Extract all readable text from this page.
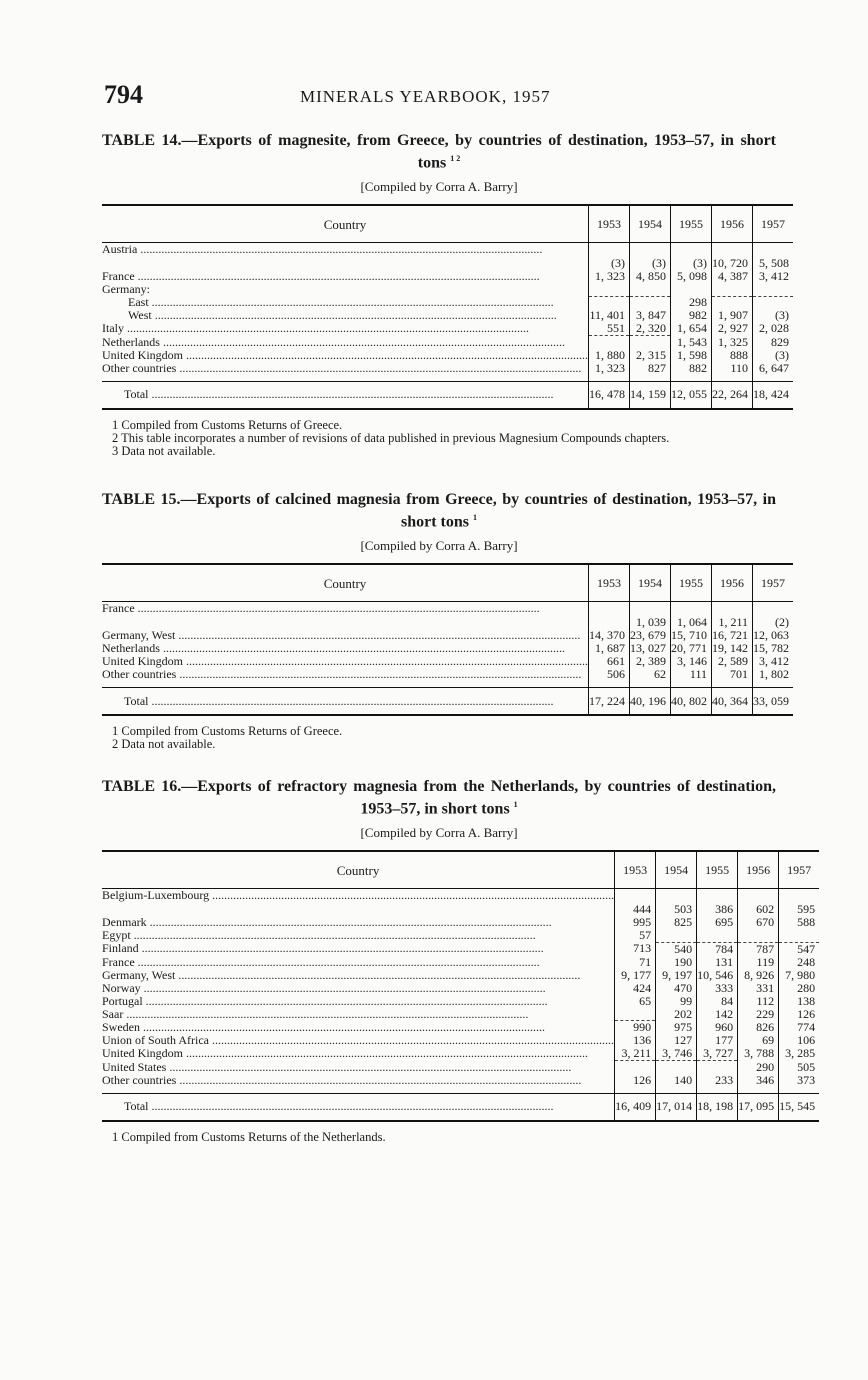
794	MINERALS YEARBOOK, 1957
TABLE 14.—Exports of magnesite, from Greece, by countries of destination, 1953–57, in short tons $^{1 2}$
[Compiled by Corra A. Barry]
Country	1953	1954	1955	1956	1957

Austria .....	(3)	(3)	(3)	10, 720	5, 508

France .....	1, 323	4, 850	5, 098	4, 387	3, 412
Germany:					

East .....			298		

West .....	11, 401	3, 847	982	1, 907	(3)

Italy .....	551	2, 320	1, 654	2, 927	2, 028

Netherlands .....			1, 543	1, 325	829

United Kingdom .....	1, 880	2, 315	1, 598	888	(3)

Other countries .....	1, 323	827	882	110	6, 647

Total .....	16, 478	14, 159	12, 055	22, 264	18, 424

1 Compiled from Customs Returns of Greece.

2 This table incorporates a number of revisions of data published in previous Magnesium Compounds chapters.

3 Data not available.

TABLE 15.—Exports of calcined magnesia from Greece, by countries of destination, 1953–57, in short tons $^1$
[Compiled by Corra A. Barry]
Country	1953	1954	1955	1956	1957

France .....		1, 039	1, 064	1, 211	(2)

Germany, West .....	14, 370	23, 679	15, 710	16, 721	12, 063

Netherlands .....	1, 687	13, 027	20, 771	19, 142	15, 782

United Kingdom .....	661	2, 389	3, 146	2, 589	3, 412

Other countries .....	506	62	111	701	1, 802

Total .....	17, 224	40, 196	40, 802	40, 364	33, 059

1 Compiled from Customs Returns of Greece.

2 Data not available.

TABLE 16.—Exports of refractory magnesia from the Netherlands, by countries of destination, 1953–57, in short tons $^1$
[Compiled by Corra A. Barry]
Country	1953	1954	1955	1956	1957

Belgium-Luxembourg .....	444	503	386	602	595

Denmark .....	995	825	695	670	588

Egypt .....	57				

Finland .....	713	540	784	787	547

France .....	71	190	131	119	248

Germany, West .....	9, 177	9, 197	10, 546	8, 926	7, 980

Norway .....	424	470	333	331	280

Portugal .....	65	99	84	112	138

Saar .....		202	142	229	126

Sweden .....	990	975	960	826	774

Union of South Africa .....	136	127	177	69	106

United Kingdom .....	3, 211	3, 746	3, 727	3, 788	3, 285

United States .....				290	505

Other countries .....	126	140	233	346	373

Total .....	16, 409	17, 014	18, 198	17, 095	15, 545

1 Compiled from Customs Returns of the Netherlands.
